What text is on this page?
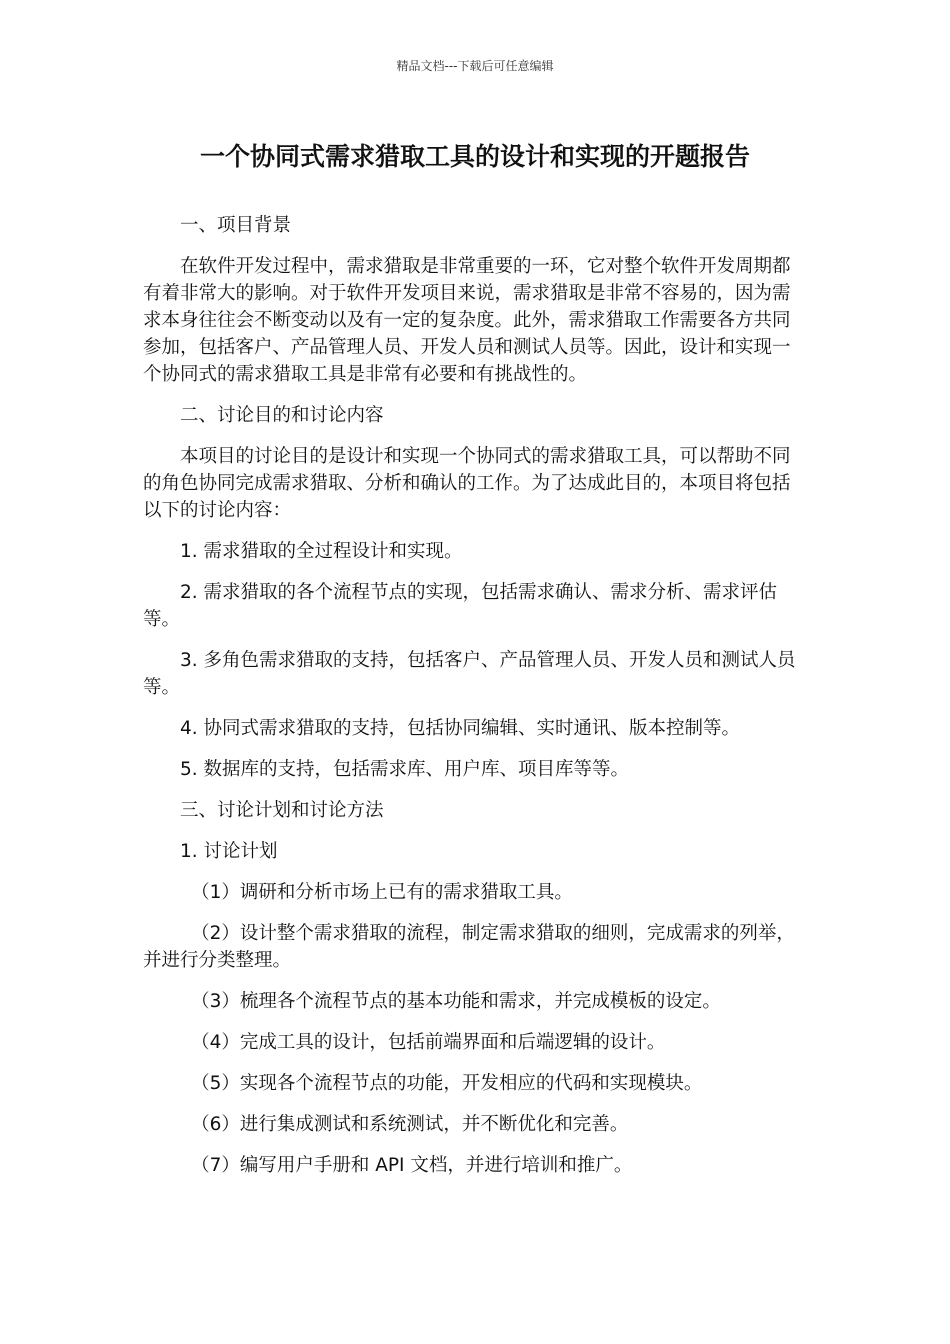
精品文档---下载后可任意编辑
一个协同式需求猎取工具的设计和实现的开题报告

一、项目背景

在软件开发过程中，需求猎取是非常重要的一环，它对整个软件开发周期都有着非常大的影响。对于软件开发项目来说，需求猎取是非常不容易的，因为需求本身往往会不断变动以及有一定的复杂度。此外，需求猎取工作需要各方共同参加，包括客户、产品管理人员、开发人员和测试人员等。因此，设计和实现一个协同式的需求猎取工具是非常有必要和有挑战性的。

二、讨论目的和讨论内容

本项目的讨论目的是设计和实现一个协同式的需求猎取工具，可以帮助不同的角色协同完成需求猎取、分析和确认的工作。为了达成此目的，本项目将包括以下的讨论内容：

1. 需求猎取的全过程设计和实现。

2. 需求猎取的各个流程节点的实现，包括需求确认、需求分析、需求评估等。

3. 多角色需求猎取的支持，包括客户、产品管理人员、开发人员和测试人员等。

4. 协同式需求猎取的支持，包括协同编辑、实时通讯、版本控制等。

5. 数据库的支持，包括需求库、用户库、项目库等等。

三、讨论计划和讨论方法

1. 讨论计划

（1）调研和分析市场上已有的需求猎取工具。

（2）设计整个需求猎取的流程，制定需求猎取的细则，完成需求的列举，并进行分类整理。

（3）梳理各个流程节点的基本功能和需求，并完成模板的设定。

（4）完成工具的设计，包括前端界面和后端逻辑的设计。

（5）实现各个流程节点的功能，开发相应的代码和实现模块。

（6）进行集成测试和系统测试，并不断优化和完善。

（7）编写用户手册和 API 文档，并进行培训和推广。
